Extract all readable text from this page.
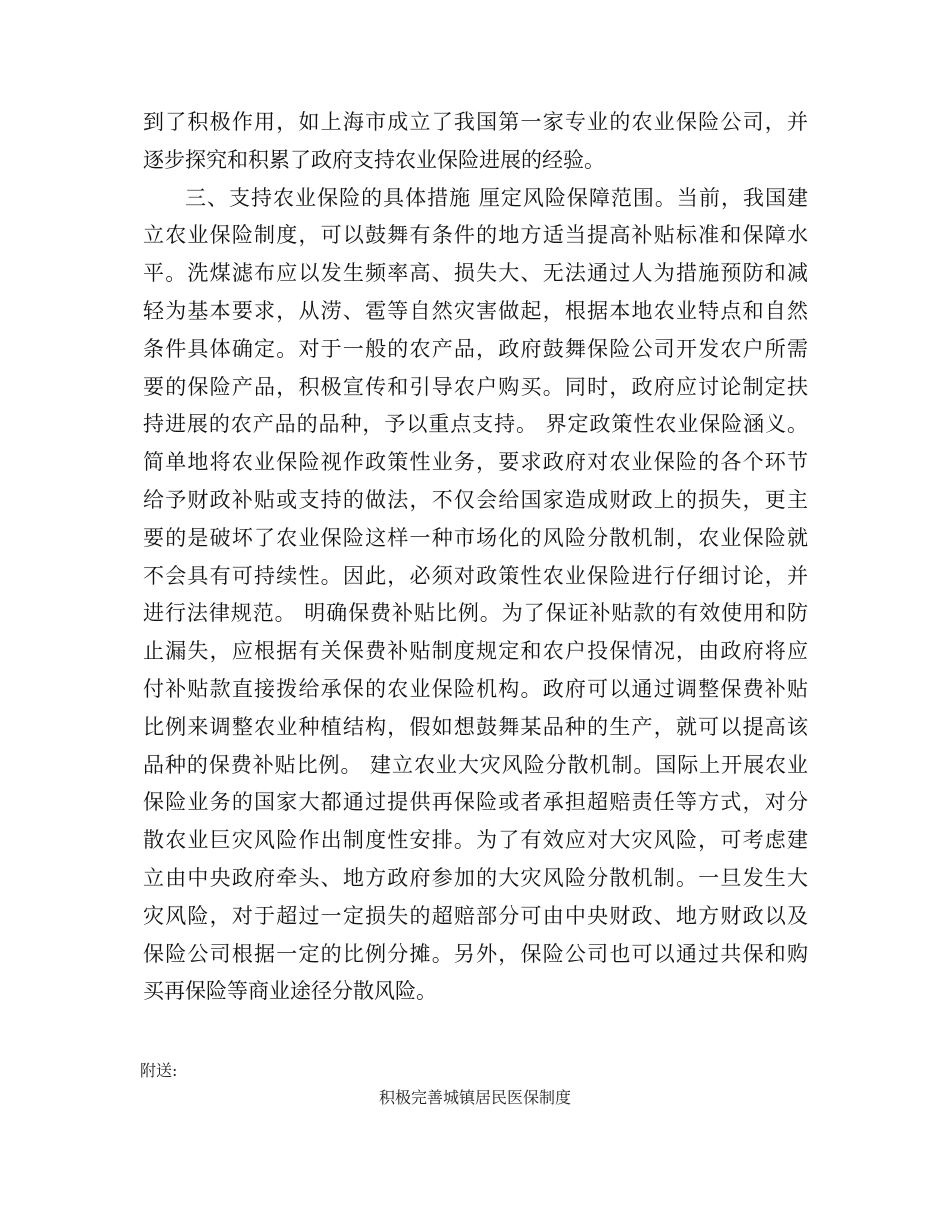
到了积极作用，如上海市成立了我国第一家专业的农业保险公司，并
逐步探究和积累了政府支持农业保险进展的经验。
三、支持农业保险的具体措施 厘定风险保障范围。当前，我国建
立农业保险制度，可以鼓舞有条件的地方适当提高补贴标准和保障水
平。洗煤滤布应以发生频率高、损失大、无法通过人为措施预防和减
轻为基本要求，从涝、雹等自然灾害做起，根据本地农业特点和自然
条件具体确定。对于一般的农产品，政府鼓舞保险公司开发农户所需
要的保险产品，积极宣传和引导农户购买。同时，政府应讨论制定扶
持进展的农产品的品种，予以重点支持。 界定政策性农业保险涵义。
简单地将农业保险视作政策性业务，要求政府对农业保险的各个环节
给予财政补贴或支持的做法，不仅会给国家造成财政上的损失，更主
要的是破坏了农业保险这样一种市场化的风险分散机制，农业保险就
不会具有可持续性。因此，必须对政策性农业保险进行仔细讨论，并
进行法律规范。 明确保费补贴比例。为了保证补贴款的有效使用和防
止漏失，应根据有关保费补贴制度规定和农户投保情况，由政府将应
付补贴款直接拨给承保的农业保险机构。政府可以通过调整保费补贴
比例来调整农业种植结构，假如想鼓舞某品种的生产，就可以提高该
品种的保费补贴比例。 建立农业大灾风险分散机制。国际上开展农业
保险业务的国家大都通过提供再保险或者承担超赔责任等方式，对分
散农业巨灾风险作出制度性安排。为了有效应对大灾风险，可考虑建
立由中央政府牵头、地方政府参加的大灾风险分散机制。一旦发生大
灾风险，对于超过一定损失的超赔部分可由中央财政、地方财政以及
保险公司根据一定的比例分摊。另外，保险公司也可以通过共保和购
买再保险等商业途径分散风险。

附送:

积极完善城镇居民医保制度
